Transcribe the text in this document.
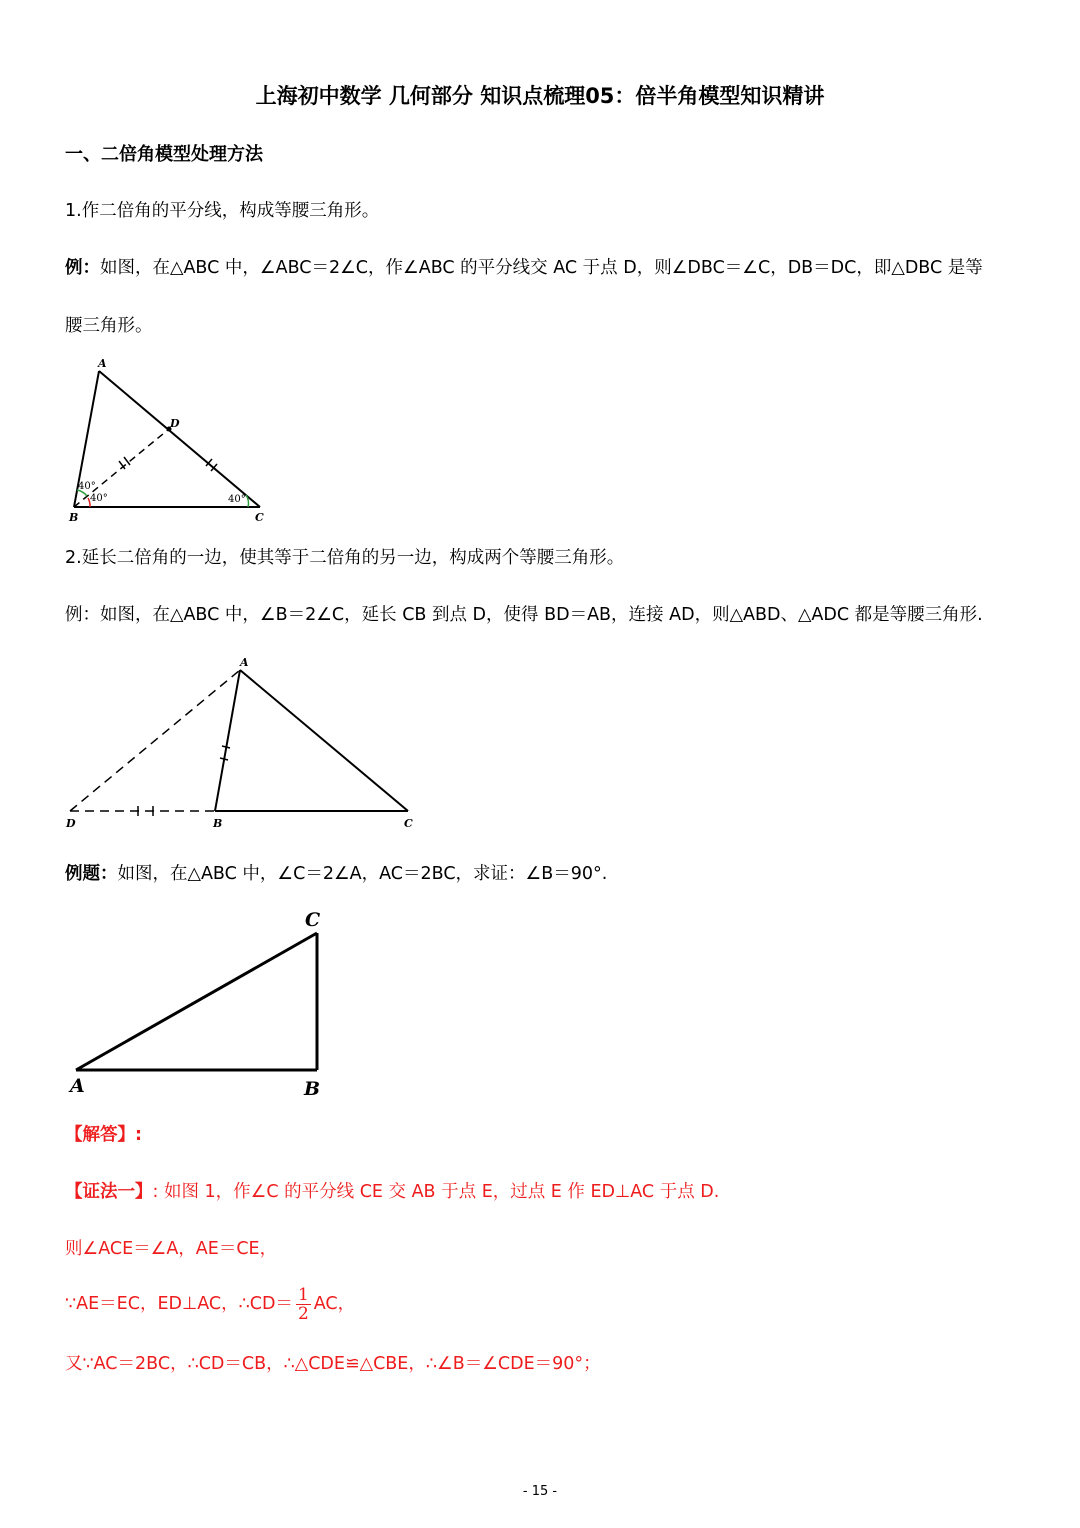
上海初中数学 几何部分 知识点梳理05：倍半角模型知识精讲
一、二倍角模型处理方法
1.作二倍角的平分线，构成等腰三角形。
例：如图，在△ABC 中，∠ABC＝2∠C，作∠ABC 的平分线交 AC 于点 D，则∠DBC＝∠C，DB＝DC，即△DBC 是等
腰三角形。
40°
40°	40°
A
B	C
D
2.延长二倍角的一边，使其等于二倍角的另一边，构成两个等腰三角形。
例：如图，在△ABC 中，∠B＝2∠C，延长 CB 到点 D，使得 BD＝AB，连接 AD，则△ABD、△ADC 都是等腰三角形.
A
D	B	C
例题：如图，在△ABC 中，∠C＝2∠A，AC＝2BC，求证：∠B＝90°.
C
A	B
【解答】:
【证法一】: 如图 1，作∠C 的平分线 CE 交 AB 于点 E，过点 E 作 ED⊥AC 于点 D.
则∠ACE＝∠A，AE＝CE，
∵AE＝EC，ED⊥AC，∴CD＝ $\frac{1}{2}$ AC，
又∵AC＝2BC，∴CD＝CB，∴△CDE≌△CBE，∴∠B＝∠CDE＝90°；
- 15 -
